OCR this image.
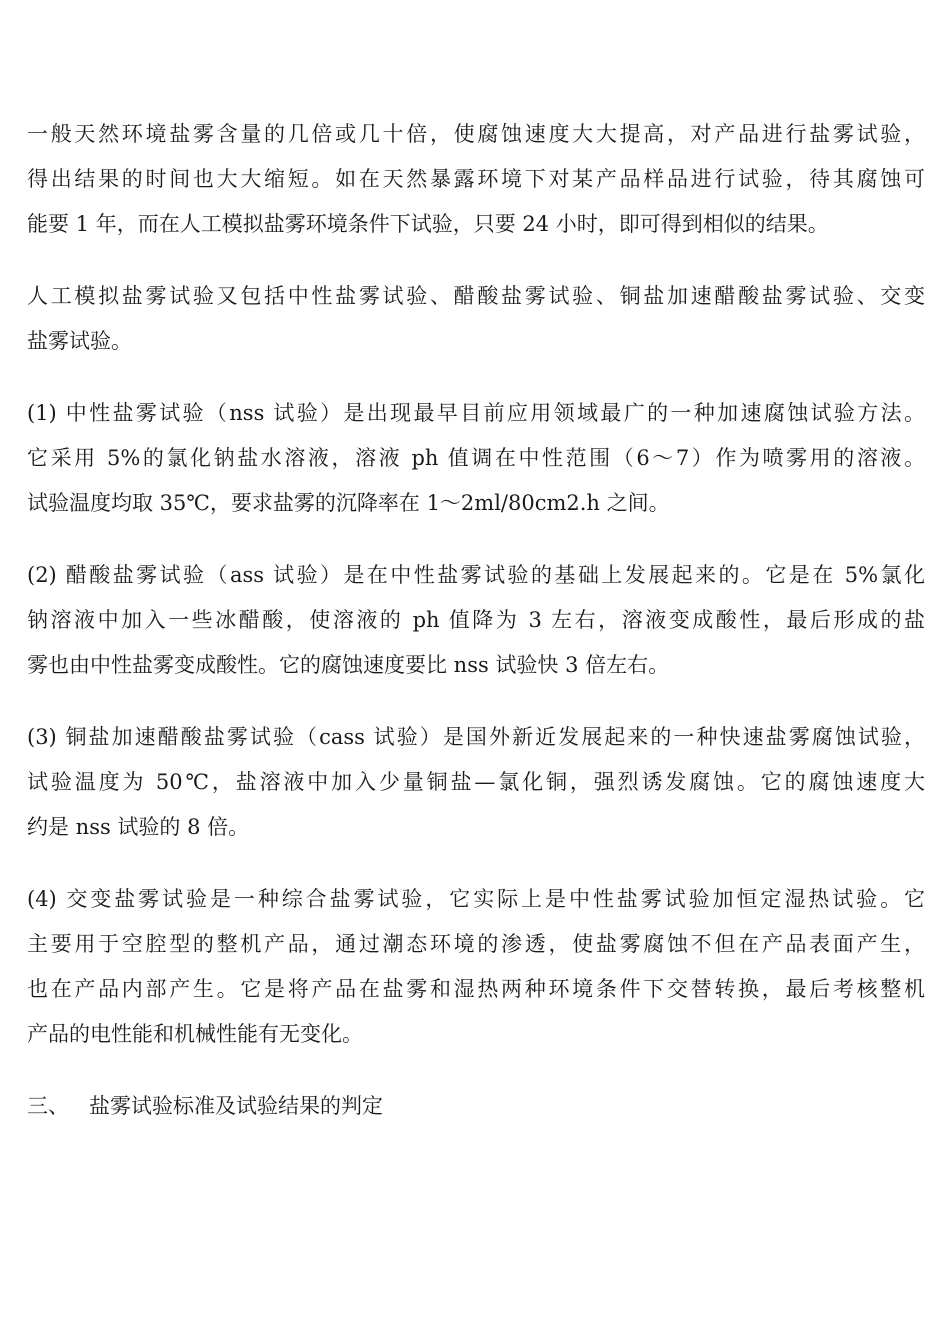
一般天然环境盐雾含量的几倍或几十倍，使腐蚀速度大大提高，对产品进行盐雾试验，
得出结果的时间也大大缩短。如在天然暴露环境下对某产品样品进行试验，待其腐蚀可
能要 1 年，而在人工模拟盐雾环境条件下试验，只要 24 小时，即可得到相似的结果。
人工模拟盐雾试验又包括中性盐雾试验、醋酸盐雾试验、铜盐加速醋酸盐雾试验、交变
盐雾试验。
(1) 中性盐雾试验（nss 试验）是出现最早目前应用领域最广的一种加速腐蚀试验方法。
它采用 5%的氯化钠盐水溶液，溶液 ph 值调在中性范围（6～7）作为喷雾用的溶液。
试验温度均取 35℃，要求盐雾的沉降率在 1～2ml/80cm2.h 之间。
(2) 醋酸盐雾试验（ass 试验）是在中性盐雾试验的基础上发展起来的。它是在 5%氯化
钠溶液中加入一些冰醋酸，使溶液的 ph 值降为 3 左右，溶液变成酸性，最后形成的盐
雾也由中性盐雾变成酸性。它的腐蚀速度要比 nss 试验快 3 倍左右。
(3) 铜盐加速醋酸盐雾试验（cass 试验）是国外新近发展起来的一种快速盐雾腐蚀试验，
试验温度为 50℃，盐溶液中加入少量铜盐—氯化铜，强烈诱发腐蚀。它的腐蚀速度大
约是 nss 试验的 8 倍。
(4) 交变盐雾试验是一种综合盐雾试验，它实际上是中性盐雾试验加恒定湿热试验。它
主要用于空腔型的整机产品，通过潮态环境的渗透，使盐雾腐蚀不但在产品表面产生，
也在产品内部产生。它是将产品在盐雾和湿热两种环境条件下交替转换，最后考核整机
产品的电性能和机械性能有无变化。
三、 盐雾试验标准及试验结果的判定
